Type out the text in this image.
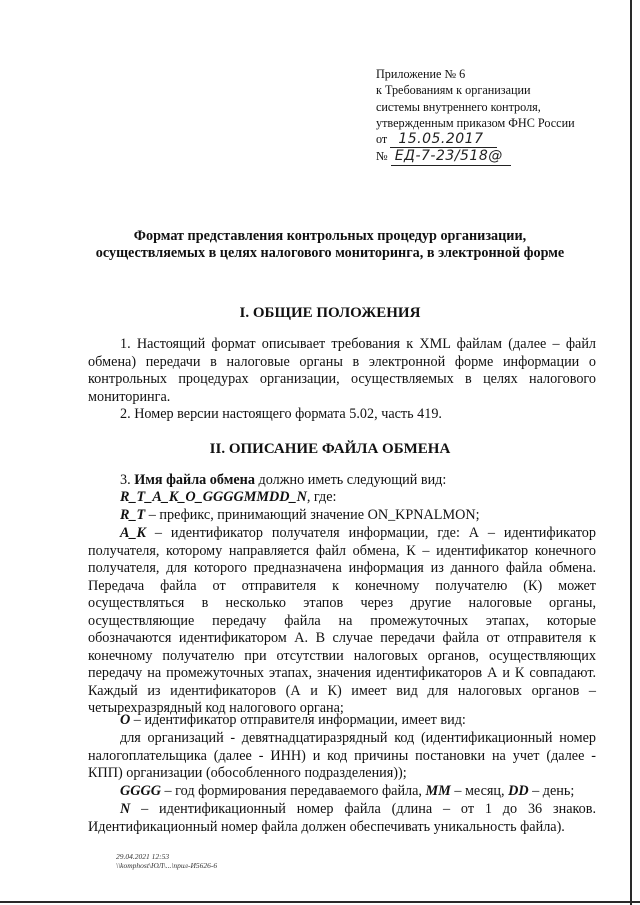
Приложение № 6
к Требованиям к организации
системы внутреннего контроля,
утвержденным приказом ФНС России
от 15.05.2017
№ ЕД-7-23/518@
Формат представления контрольных процедур организации,
осуществляемых в целях налогового мониторинга, в электронной форме
I. ОБЩИЕ ПОЛОЖЕНИЯ
1. Настоящий формат описывает требования к XML файлам (далее – файл обмена) передачи в налоговые органы в электронной форме информации о контрольных процедурах организации, осуществляемых в целях налогового мониторинга.
2. Номер версии настоящего формата 5.02, часть 419.
II. ОПИСАНИЕ ФАЙЛА ОБМЕНА
3. Имя файла обмена должно иметь следующий вид:
R_T_A_K_O_GGGGMMDD_N, где:
R_T – префикс, принимающий значение ON_KPNALMON;
A_K – идентификатор получателя информации, где: А – идентификатор получателя, которому направляется файл обмена, К – идентификатор конечного получателя, для которого предназначена информация из данного файла обмена. Передача файла от отправителя к конечному получателю (К) может осуществляться в несколько этапов через другие налоговые органы, осуществляющие передачу файла на промежуточных этапах, которые обозначаются идентификатором А. В случае передачи файла от отправителя к конечному получателю при отсутствии налоговых органов, осуществляющих передачу на промежуточных этапах, значения идентификаторов А и К совпадают. Каждый из идентификаторов (А и К) имеет вид для налоговых органов – четырехразрядный код налогового органа;
O – идентификатор отправителя информации, имеет вид:
для организаций - девятнадцатиразрядный код (идентификационный номер налогоплательщика (далее - ИНН) и код причины постановки на учет (далее - КПП) организации (обособленного подразделения));
GGGG – год формирования передаваемого файла, MM – месяц, DD – день;
N – идентификационный номер файла (длина – от 1 до 36 знаков. Идентификационный номер файла должен обеспечивать уникальность файла).
29.04.2021 12:53
\\komphost\ЮЛ\...\прил-И5626-6
